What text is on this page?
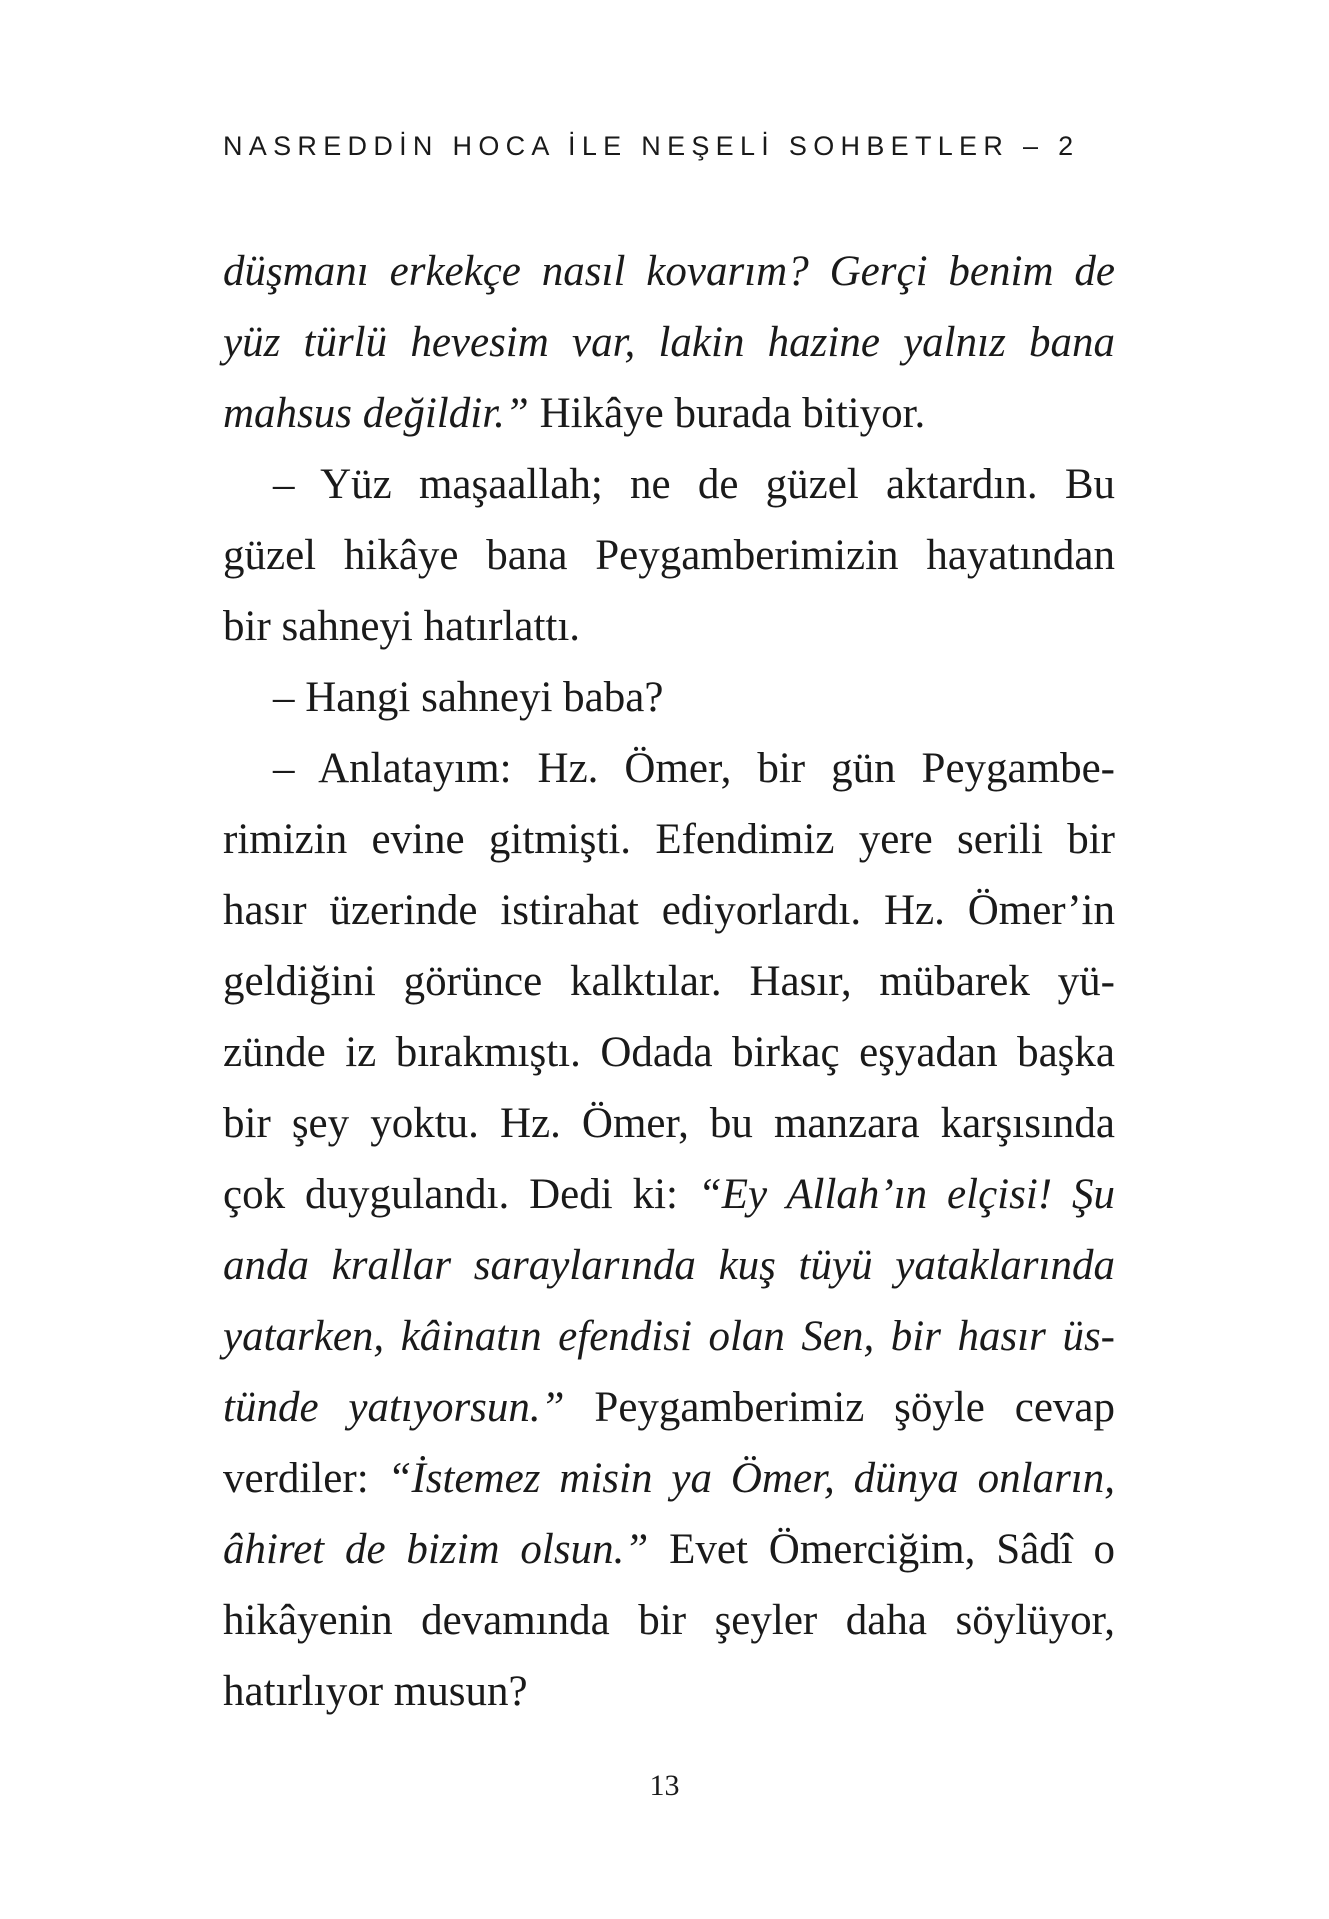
NASREDDİN HOCA İLE NEŞELİ SOHBETLER – 2
düşmanı erkekçe nasıl kovarım? Gerçi benim de
yüz türlü hevesim var, lakin hazine yalnız bana
mahsus değildir.” Hikâye burada bitiyor.
– Yüz maşaallah; ne de güzel aktardın. Bu
güzel hikâye bana Peygamberimizin hayatından
bir sahneyi hatırlattı.
– Hangi sahneyi baba?
– Anlatayım: Hz. Ömer, bir gün Peygambe-
rimizin evine gitmişti. Efendimiz yere serili bir
hasır üzerinde istirahat ediyorlardı. Hz. Ömer’in
geldiğini görünce kalktılar. Hasır, mübarek yü-
zünde iz bırakmıştı. Odada birkaç eşyadan başka
bir şey yoktu. Hz. Ömer, bu manzara karşısında
çok duygulandı. Dedi ki: “Ey Allah’ın elçisi! Şu
anda krallar saraylarında kuş tüyü yataklarında
yatarken, kâinatın efendisi olan Sen, bir hasır üs-
tünde yatıyorsun.” Peygamberimiz şöyle cevap
verdiler: “İstemez misin ya Ömer, dünya onların,
âhiret de bizim olsun.” Evet Ömerciğim, Sâdî o
hikâyenin devamında bir şeyler daha söylüyor,
hatırlıyor musun?
13
